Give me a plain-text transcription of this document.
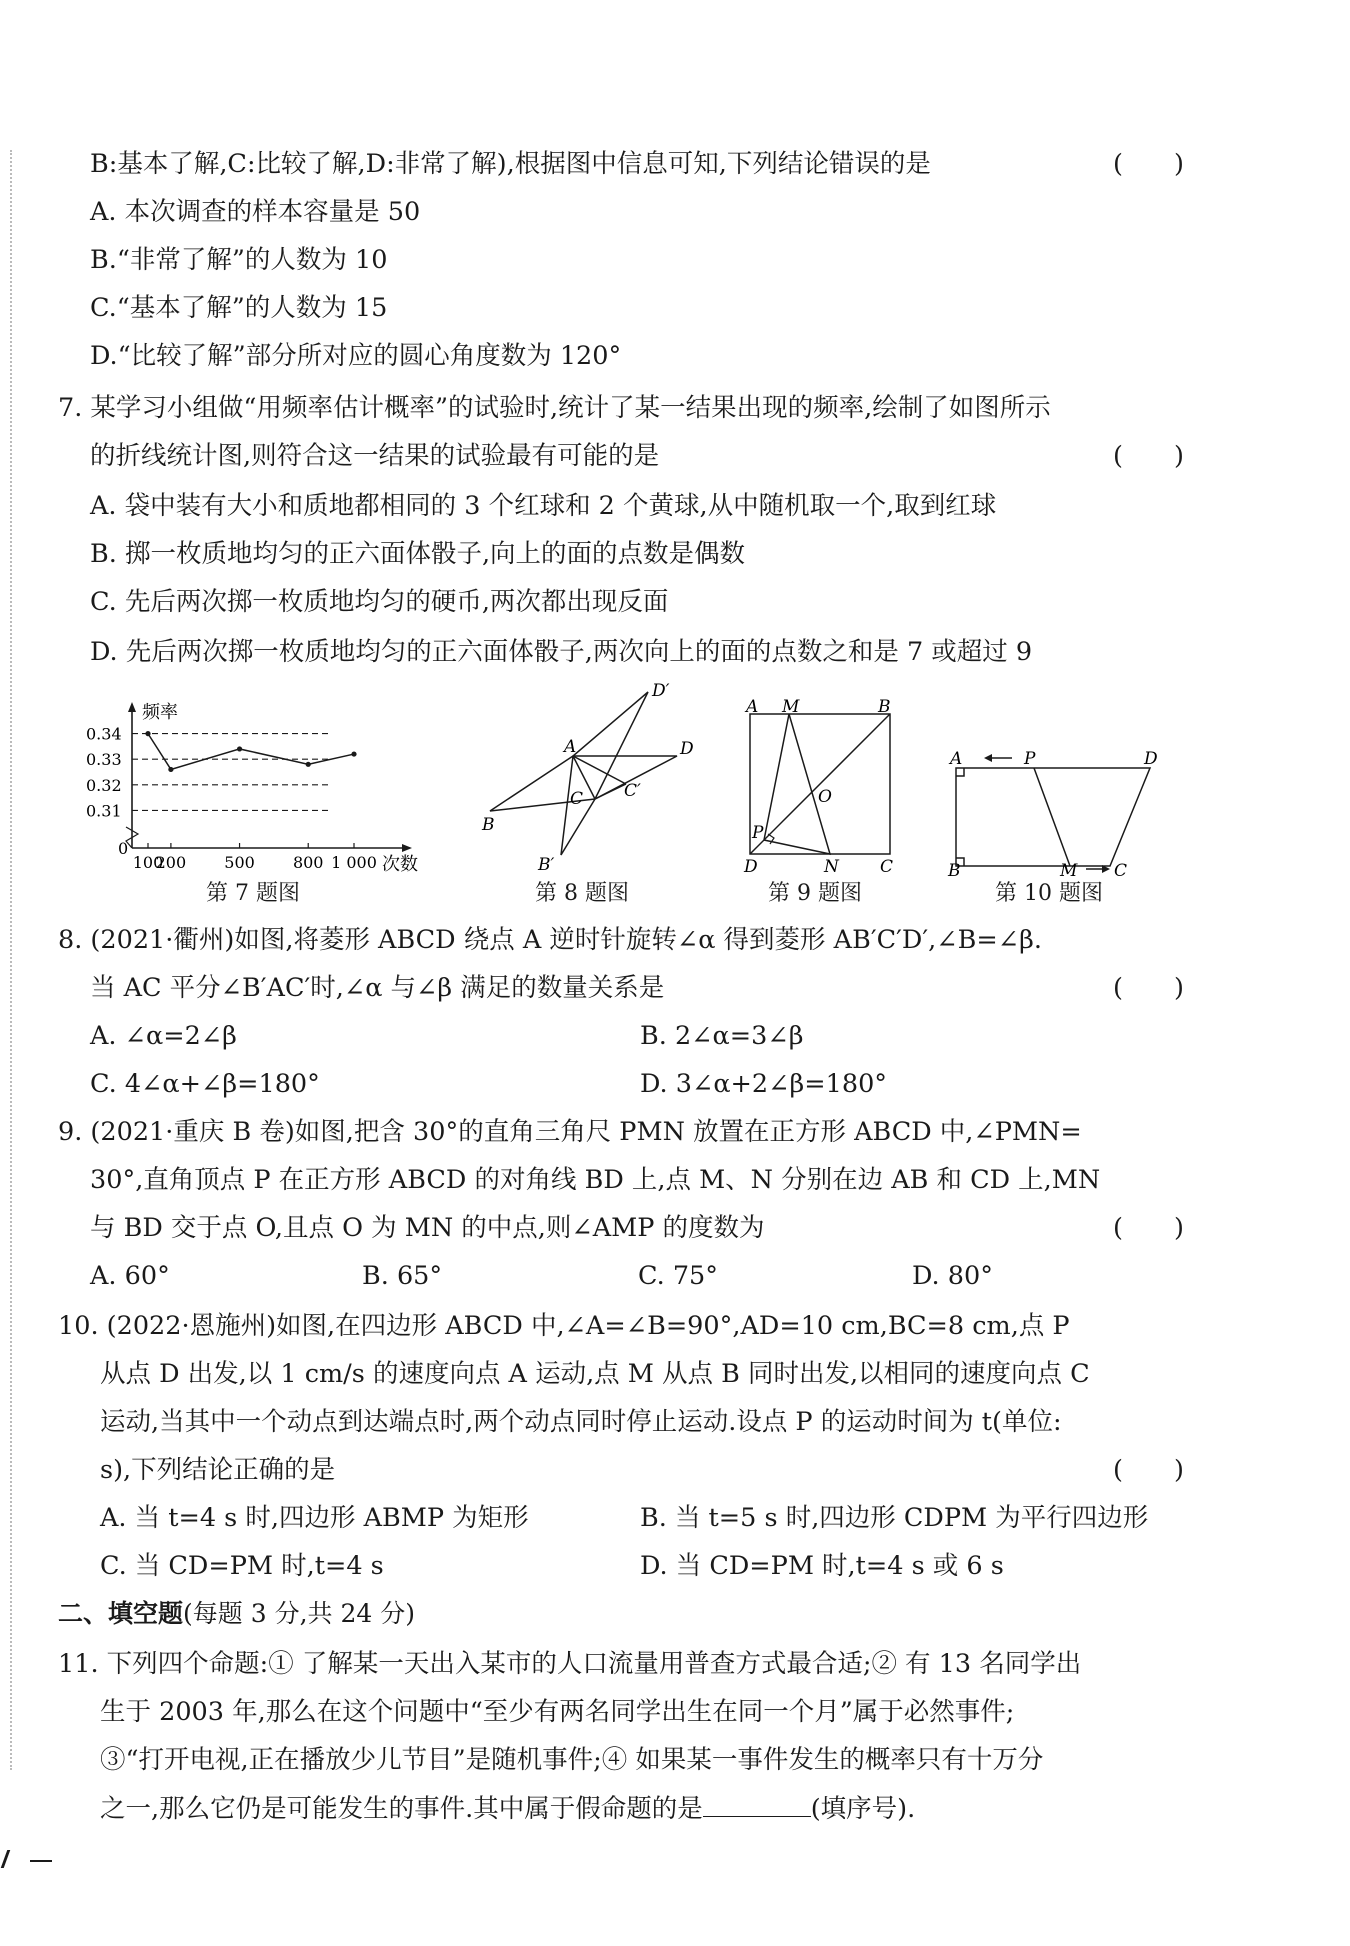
B:基本了解,C:比较了解,D:非常了解),根据图中信息可知,下列结论错误的是	(　　)
A. 本次调查的样本容量是 50
B.“非常了解”的人数为 10
C.“基本了解”的人数为 15
D.“比较了解”部分所对应的圆心角度数为 120°
7. 某学习小组做“用频率估计概率”的试验时,统计了某一结果出现的频率,绘制了如图所示
的折线统计图,则符合这一结果的试验最有可能的是	(　　)
A. 袋中装有大小和质地都相同的 3 个红球和 2 个黄球,从中随机取一个,取到红球
B. 掷一枚质地均匀的正六面体骰子,向上的面的点数是偶数
C. 先后两次掷一枚质地均匀的硬币,两次都出现反面
D. 先后两次掷一枚质地均匀的正六面体骰子,两次向上的面的点数之和是 7 或超过 9
0.34
0.33
0.32
0.31
100
200 500 800 1 000
频率
次数
0
第 7 题图
A
B
C
D
B′
C′
D′
第 8 题图
A M	B
O
P
D	N C
第 9 题图
A	P	D
B	M C
第 10 题图
8. (2021·衢州)如图,将菱形 ABCD 绕点 A 逆时针旋转∠α 得到菱形 AB′C′D′,∠B=∠β.
当 AC 平分∠B′AC′时,∠α 与∠β 满足的数量关系是	(　　)
A. ∠α=2∠β	B. 2∠α=3∠β
C. 4∠α+∠β=180°	D. 3∠α+2∠β=180°
9. (2021·重庆 B 卷)如图,把含 30°的直角三角尺 PMN 放置在正方形 ABCD 中,∠PMN=
30°,直角顶点 P 在正方形 ABCD 的对角线 BD 上,点 M、N 分别在边 AB 和 CD 上,MN
与 BD 交于点 O,且点 O 为 MN 的中点,则∠AMP 的度数为	(　　)
A. 60°	B. 65°	C. 75°	D. 80°
10. (2022·恩施州)如图,在四边形 ABCD 中,∠A=∠B=90°,AD=10 cm,BC=8 cm,点 P
从点 D 出发,以 1 cm/s 的速度向点 A 运动,点 M 从点 B 同时出发,以相同的速度向点 C
运动,当其中一个动点到达端点时,两个动点同时停止运动.设点 P 的运动时间为 t(单位:
s),下列结论正确的是	(　　)
A. 当 t=4 s 时,四边形 ABMP 为矩形	B. 当 t=5 s 时,四边形 CDPM 为平行四边形
C. 当 CD=PM 时,t=4 s	D. 当 CD=PM 时,t=4 s 或 6 s
二、填空题(每题 3 分,共 24 分)
11. 下列四个命题:① 了解某一天出入某市的人口流量用普查方式最合适;② 有 13 名同学出
生于 2003 年,那么在这个问题中“至少有两名同学出生在同一个月”属于必然事件;
③“打开电视,正在播放少儿节目”是随机事件;④ 如果某一事件发生的概率只有十万分
之一,那么它仍是可能发生的事件.其中属于假命题的是	(填序号).
